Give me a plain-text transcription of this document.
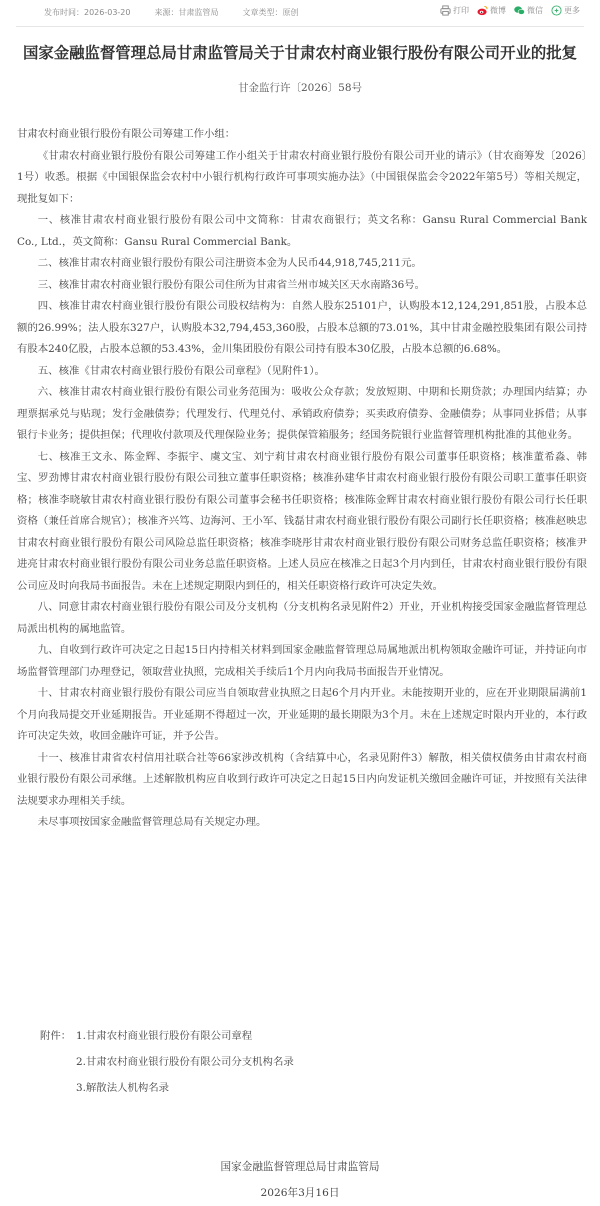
发布时间：2026-03-20	来源：甘肃监管局	文章类型：原创	打印	微博	微信	更多
国家金融监督管理总局甘肃监管局关于甘肃农村商业银行股份有限公司开业的批复
甘金监行许〔2026〕58号

甘肃农村商业银行股份有限公司筹建工作小组：

《甘肃农村商业银行股份有限公司筹建工作小组关于甘肃农村商业银行股份有限公司开业的请示》（甘农商筹发〔2026〕1号）收悉。根据《中国银保监会农村中小银行机构行政许可事项实施办法》（中国银保监会令2022年第5号）等相关规定，现批复如下：

一、核准甘肃农村商业银行股份有限公司中文简称：甘肃农商银行；英文名称：Gansu Rural Commercial Bank Co., Ltd.，英文简称：Gansu Rural Commercial Bank。

二、核准甘肃农村商业银行股份有限公司注册资本金为人民币44,918,745,211元。

三、核准甘肃农村商业银行股份有限公司住所为甘肃省兰州市城关区天水南路36号。

四、核准甘肃农村商业银行股份有限公司股权结构为：自然人股东25101户，认购股本12,124,291,851股，占股本总额的26.99%；法人股东327户，认购股本32,794,453,360股，占股本总额的73.01%，其中甘肃金融控股集团有限公司持有股本240亿股，占股本总额的53.43%，金川集团股份有限公司持有股本30亿股，占股本总额的6.68%。

五、核准《甘肃农村商业银行股份有限公司章程》（见附件1）。

六、核准甘肃农村商业银行股份有限公司业务范围为：吸收公众存款；发放短期、中期和长期贷款；办理国内结算；办理票据承兑与贴现；发行金融债券；代理发行、代理兑付、承销政府债券；买卖政府债券、金融债券；从事同业拆借；从事银行卡业务；提供担保；代理收付款项及代理保险业务；提供保管箱服务；经国务院银行业监督管理机构批准的其他业务。

七、核准王文永、陈金辉、李振宇、虞文宝、刘宁莉甘肃农村商业银行股份有限公司董事任职资格；核准董希淼、韩宝、罗劲博甘肃农村商业银行股份有限公司独立董事任职资格；核准孙建华甘肃农村商业银行股份有限公司职工董事任职资格；核准李晓敏甘肃农村商业银行股份有限公司董事会秘书任职资格；核准陈金辉甘肃农村商业银行股份有限公司行长任职资格（兼任首席合规官）；核准齐兴笃、边海河、王小军、钱磊甘肃农村商业银行股份有限公司副行长任职资格；核准赵映忠甘肃农村商业银行股份有限公司风险总监任职资格；核准李晓彤甘肃农村商业银行股份有限公司财务总监任职资格；核准尹进亮甘肃农村商业银行股份有限公司业务总监任职资格。上述人员应在核准之日起3个月内到任，甘肃农村商业银行股份有限公司应及时向我局书面报告。未在上述规定期限内到任的，相关任职资格行政许可决定失效。

八、同意甘肃农村商业银行股份有限公司及分支机构（分支机构名录见附件2）开业，开业机构接受国家金融监督管理总局派出机构的属地监管。

九、自收到行政许可决定之日起15日内持相关材料到国家金融监督管理总局属地派出机构领取金融许可证，并持证向市场监督管理部门办理登记，领取营业执照，完成相关手续后1个月内向我局书面报告开业情况。

十、甘肃农村商业银行股份有限公司应当自领取营业执照之日起6个月内开业。未能按期开业的，应在开业期限届满前1个月向我局提交开业延期报告。开业延期不得超过一次，开业延期的最长期限为3个月。未在上述规定时限内开业的，本行政许可决定失效，收回金融许可证，并予公告。

十一、核准甘肃省农村信用社联合社等66家涉改机构（含结算中心，名录见附件3）解散，相关债权债务由甘肃农村商业银行股份有限公司承继。上述解散机构应自收到行政许可决定之日起15日内向发证机关缴回金融许可证，并按照有关法律法规要求办理相关手续。

未尽事项按国家金融监督管理总局有关规定办理。

附件： 1.甘肃农村商业银行股份有限公司章程
2.甘肃农村商业银行股份有限公司分支机构名录
3.解散法人机构名录
国家金融监督管理总局甘肃监管局
2026年3月16日
